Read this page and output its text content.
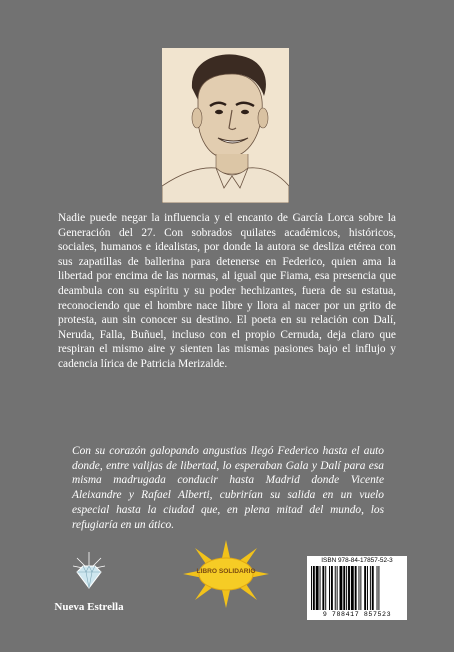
Nadie puede negar la influencia y el encanto de García Lorca sobre la Generación del 27. Con sobrados quilates académicos, históricos, sociales, humanos e idealistas, por donde la autora se desliza etérea con sus zapatillas de ballerina para detenerse en Federico, quien ama la libertad por encima de las normas, al igual que Fiama, esa presencia que deambula con su espíritu y su poder hechizantes, fuera de su estatua, reconociendo que el hombre nace libre y llora al nacer por un grito de protesta, aun sin conocer su destino. El poeta en su relación con Dalí, Neruda, Falla, Buñuel, incluso con el propio Cernuda, deja claro que respiran el mismo aire y sienten las mismas pasiones bajo el influjo y cadencia lírica de Patricia Merizalde.

Con su corazón galopando angustias llegó Federico hasta el auto donde, entre valijas de libertad, lo esperaban Gala y Dalí para esa misma madrugada conducir hasta Madrid donde Vicente Aleixandre y Rafael Alberti, cubrirían su salida en un vuelo especial hasta la ciudad que, en plena mitad del mundo, los refugiaría en un ático.

Nueva Estrella
LIBRO SOLIDARIO
ISBN 978-84-17857-52-3
9 788417 857523
